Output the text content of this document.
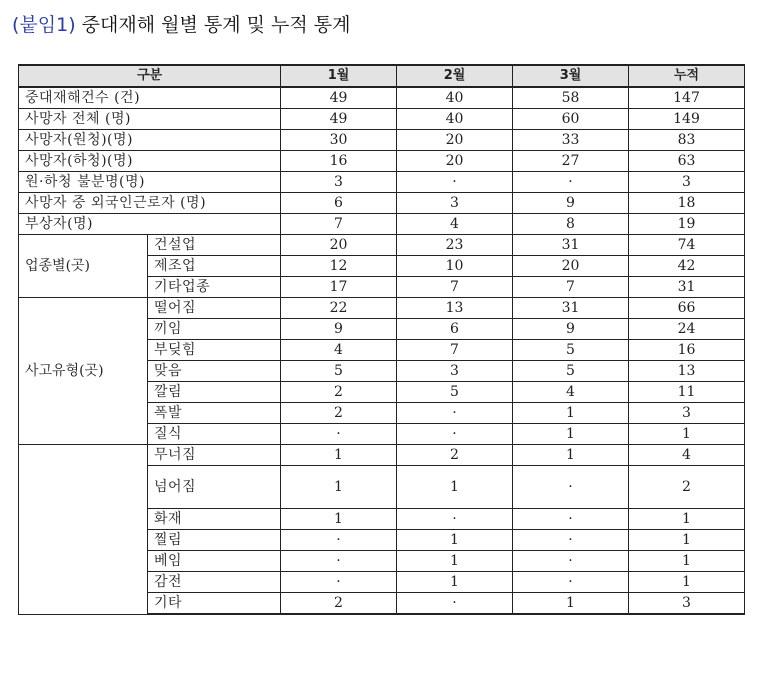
(붙임1) 중대재해 월별 통계 및 누적 통계
구분		1월	2월	3월	누적
중대재해건수 (건)		49	40	58	147
사망자 전체 (명)		49	40	60	149
사망자(원청)(명)		30	20	33	83
사망자(하청)(명)		16	20	27	63
원·하청 불분명(명)		3	·	·	3
사망자 중 외국인근로자 (명)		6	3	9	18
부상자(명)		7	4	8	19
업종별(곳)	건설업	20	23	31	74
	제조업	12	10	20	42
	기타업종	17	7	7	31
사고유형(곳)	떨어짐	22	13	31	66
	끼임	9	6	9	24
	부딪힘	4	7	5	16
	맞음	5	3	5	13
	깔림	2	5	4	11
	폭발	2	·	1	3
	질식	·	·	1	1
	무너짐	1	2	1	4
	넘어짐	1	1	·	2
	화재	1	·	·	1
	찔림	·	1	·	1
	베임	·	1	·	1
	감전	·	1	·	1
	기타	2	·	1	3
